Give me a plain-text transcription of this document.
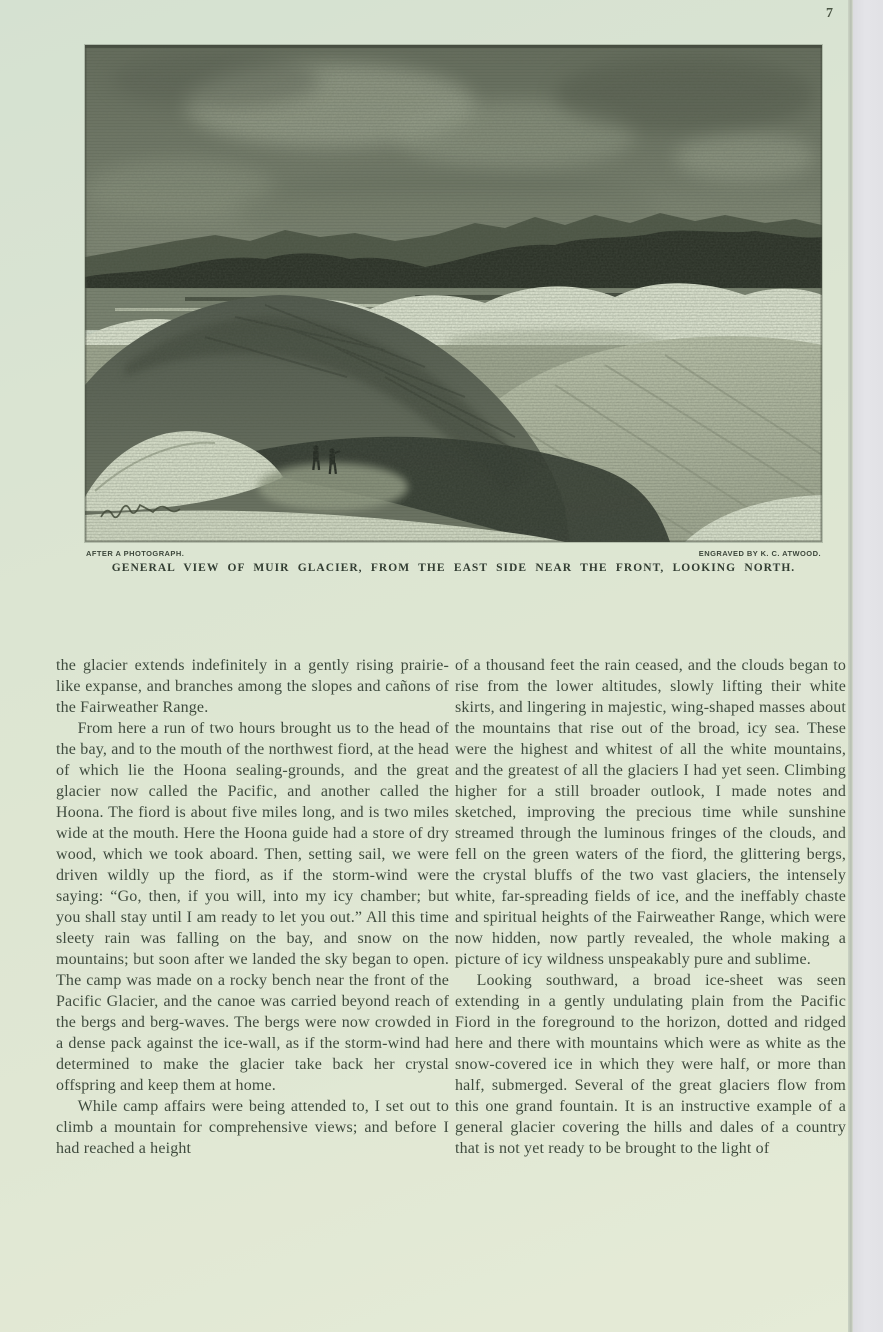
7
AFTER A PHOTOGRAPH.	ENGRAVED BY K. C. ATWOOD.
GENERAL VIEW OF MUIR GLACIER, FROM THE EAST SIDE NEAR THE FRONT, LOOKING NORTH.

the glacier extends indefinitely in a gently rising prairie-like expanse, and branches among the slopes and cañons of the Fairweather Range.

From here a run of two hours brought us to the head of the bay, and to the mouth of the northwest fiord, at the head of which lie the Hoona sealing-grounds, and the great glacier now called the Pacific, and another called the Hoona. The fiord is about five miles long, and is two miles wide at the mouth. Here the Hoona guide had a store of dry wood, which we took aboard. Then, setting sail, we were driven wildly up the fiord, as if the storm-wind were saying: “Go, then, if you will, into my icy chamber; but you shall stay until I am ready to let you out.” All this time sleety rain was falling on the bay, and snow on the mountains; but soon after we landed the sky began to open. The camp was made on a rocky bench near the front of the Pacific Glacier, and the canoe was carried beyond reach of the bergs and berg-waves. The bergs were now crowded in a dense pack against the ice-wall, as if the storm-wind had determined to make the glacier take back her crystal offspring and keep them at home.

While camp affairs were being attended to, I set out to climb a mountain for comprehensive views; and before I had reached a height

of a thousand feet the rain ceased, and the clouds began to rise from the lower altitudes, slowly lifting their white skirts, and lingering in majestic, wing-shaped masses about the mountains that rise out of the broad, icy sea. These were the highest and whitest of all the white mountains, and the greatest of all the glaciers I had yet seen. Climbing higher for a still broader outlook, I made notes and sketched, improving the precious time while sunshine streamed through the luminous fringes of the clouds, and fell on the green waters of the fiord, the glittering bergs, the crystal bluffs of the two vast glaciers, the intensely white, far-spreading fields of ice, and the ineffably chaste and spiritual heights of the Fairweather Range, which were now hidden, now partly revealed, the whole making a picture of icy wildness unspeakably pure and sublime.

Looking southward, a broad ice-sheet was seen extending in a gently undulating plain from the Pacific Fiord in the foreground to the horizon, dotted and ridged here and there with mountains which were as white as the snow-covered ice in which they were half, or more than half, submerged. Several of the great glaciers flow from this one grand fountain. It is an instructive example of a general glacier covering the hills and dales of a country that is not yet ready to be brought to the light of
